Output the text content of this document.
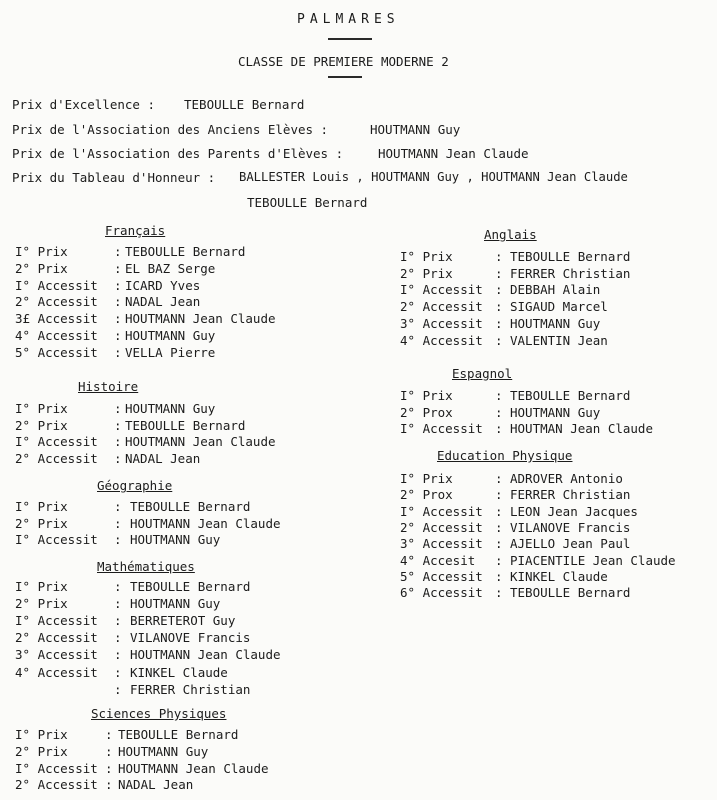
PALMARES
CLASSE DE PREMIERE MODERNE 2
Prix d'Excellence : TEBOULLE Bernard
Prix de l'Association des Anciens Elèves :	HOUTMANN Guy
Prix de l'Association des Parents d'Elèves :	HOUTMANN Jean Claude
Prix du Tableau d'Honneur : BALLESTER Louis , HOUTMANN Guy , HOUTMANN Jean Claude
TEBOULLE Bernard
Français
I° Prix	: TEBOULLE Bernard
2° Prix	: EL BAZ Serge
I° Accessit : ICARD Yves
2° Accessit : NADAL Jean
3£ Accessit : HOUTMANN Jean Claude
4° Accessit : HOUTMANN Guy
5° Accessit : VELLA Pierre
Histoire
I° Prix	: HOUTMANN Guy
2° Prix	: TEBOULLE Bernard
I° Accessit : HOUTMANN Jean Claude
2° Accessit : NADAL Jean
Géographie
I° Prix	: TEBOULLE Bernard
2° Prix	: HOUTMANN Jean Claude
I° Accessit : HOUTMANN Guy
Mathématiques
I° Prix	: TEBOULLE Bernard
2° Prix	: HOUTMANN Guy
I° Accessit : BERRETEROT Guy
2° Accessit : VILANOVE Francis
3° Accessit : HOUTMANN Jean Claude
4° Accessit : KINKEL Claude
: FERRER Christian
Sciences Physiques
I° Prix	: TEBOULLE Bernard
2° Prix	: HOUTMANN Guy
I° Accessit : HOUTMANN Jean Claude
2° Accessit : NADAL Jean
Anglais
I° Prix	: TEBOULLE Bernard
2° Prix	: FERRER Christian
I° Accessit : DEBBAH Alain
2° Accessit : SIGAUD Marcel
3° Accessit : HOUTMANN Guy
4° Accessit : VALENTIN Jean
Espagnol
I° Prix	: TEBOULLE Bernard
2° Prox	: HOUTMANN Guy
I° Accessit : HOUTMAN Jean Claude
Education Physique
I° Prix	: ADROVER Antonio
2° Prox	: FERRER Christian
I° Accessit : LEON Jean Jacques
2° Accessit : VILANOVE Francis
3° Accessit : AJELLO Jean Paul
4° Accesit : PIACENTILE Jean Claude
5° Accessit : KINKEL Claude
6° Accessit : TEBOULLE Bernard
